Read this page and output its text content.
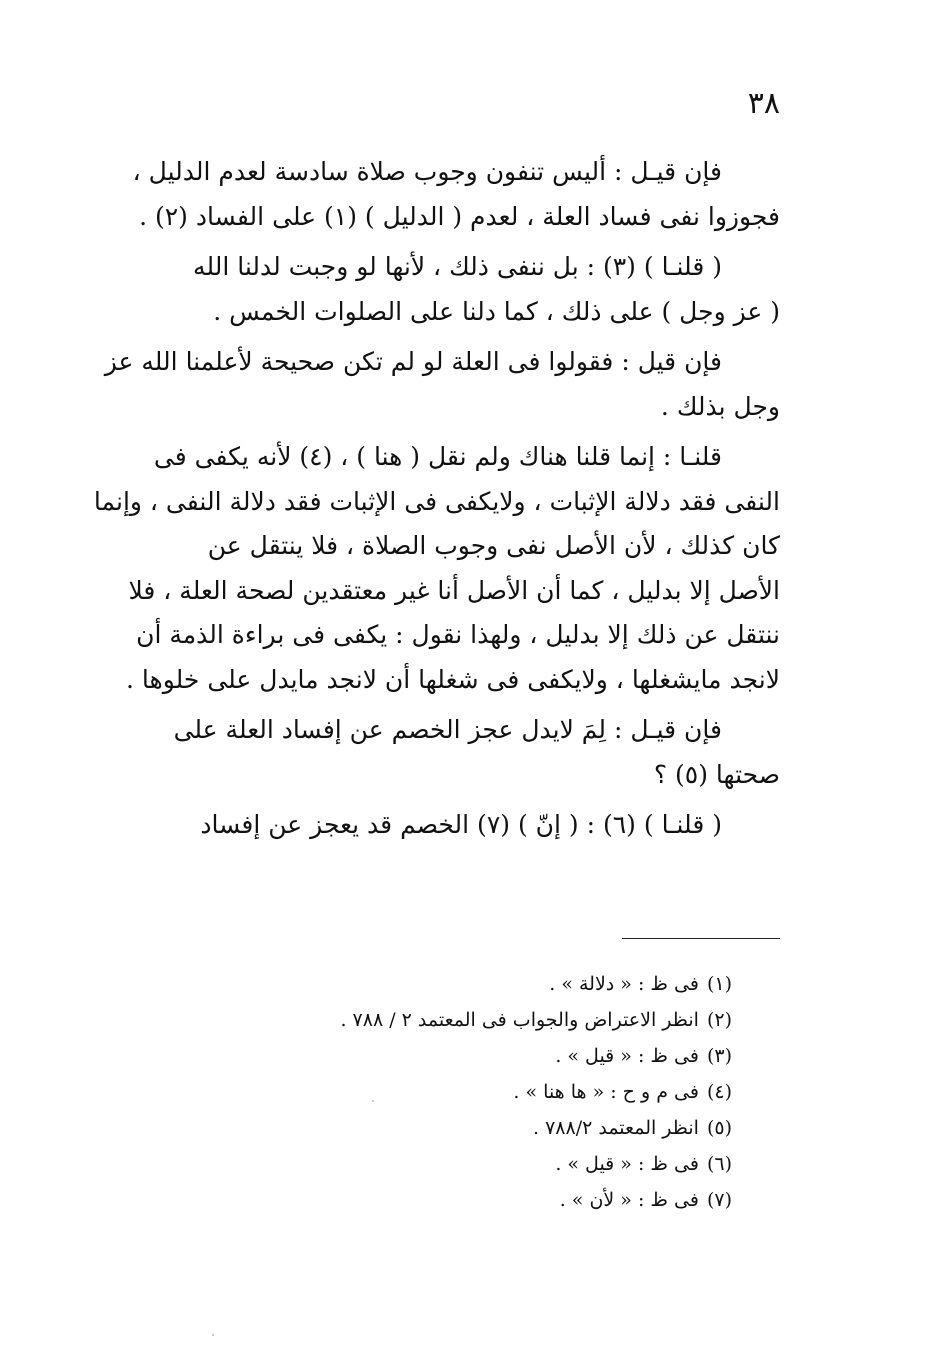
٣٨

فإن قيـل : أليس تنفون وجوب صلاة سادسة لعدم الدليل ،
فجوزوا نفى فساد العلة ، لعدم ( الدليل ) (١) على الفساد (٢) .

( قلنـا ) (٣) : بل ننفى ذلك ، لأنها لو وجبت لدلنا الله
( عز وجل ) على ذلك ، كما دلنا على الصلوات الخمس .

فإن قيل : فقولوا فى العلة لو لم تكن صحيحة لأعلمنا الله عز
وجل بذلك .

قلنـا : إنما قلنا هناك ولم نقل ( هنا ) ، (٤) لأنه يكفى فى
النفى فقد دلالة الإثبات ، ولايكفى فى الإثبات فقد دلالة النفى ، وإنما
كان كذلك ، لأن الأصل نفى وجوب الصلاة ، فلا ينتقل عن
الأصل إلا بدليل ، كما أن الأصل أنا غير معتقدين لصحة العلة ، فلا
ننتقل عن ذلك إلا بدليل ، ولهذا نقول : يكفى فى براءة الذمة أن
لانجد مايشغلها ، ولايكفى فى شغلها أن لانجد مايدل على خلوها .

فإن قيـل : لِمَ لايدل عجز الخصم عن إفساد العلة على
صحتها (٥) ؟

( قلنـا ) (٦) : ( إنّ ) (٧) الخصم قد يعجز عن إفساد

(١)فى ظ : « دلالة » .
(٢)انظر الاعتراض والجواب فى المعتمد ٢ / ٧٨٨ .
(٣)فى ظ : « قيل » .
(٤)فى م و ح : « ها هنا » .
(٥)انظر المعتمد ٧٨٨/٢ .
(٦)فى ظ : « قيل » .
(٧)فى ظ : « لأن » .
